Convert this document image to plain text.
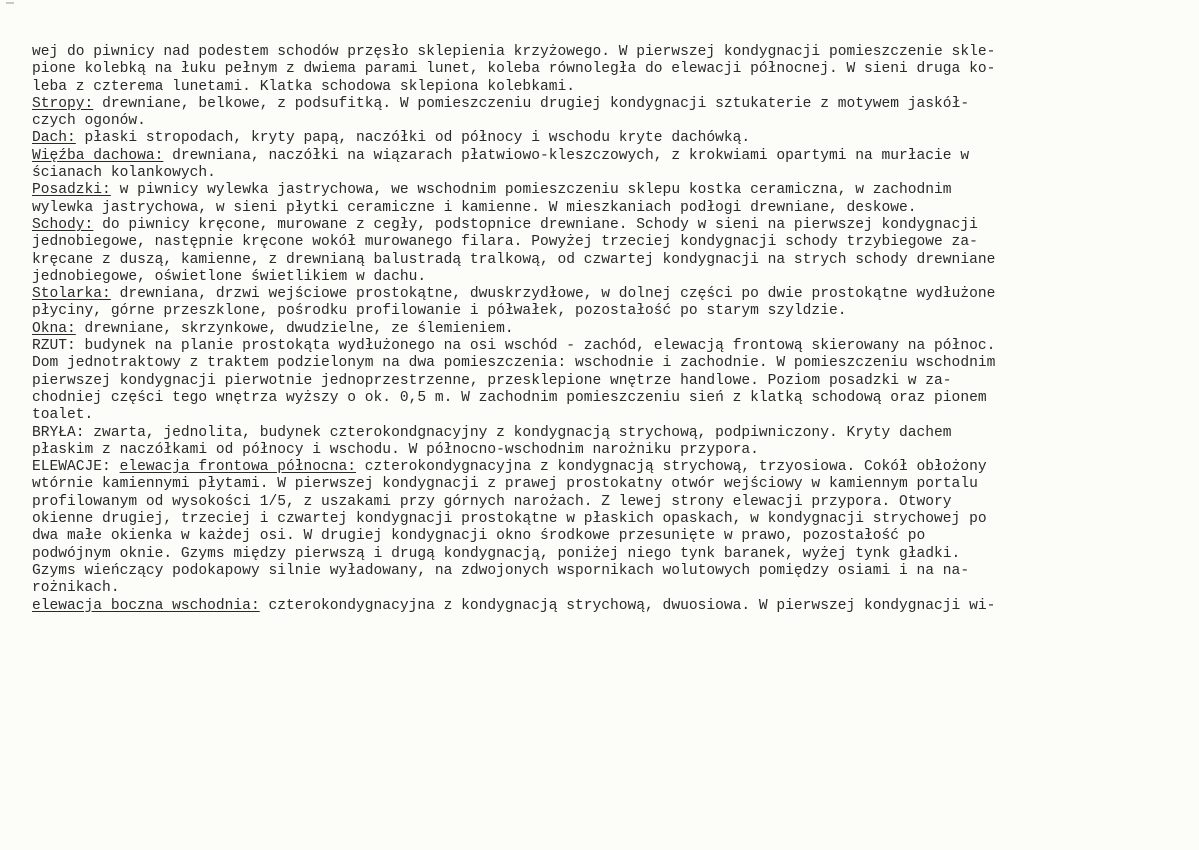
wej do piwnicy nad podestem schodów przęsło sklepienia krzyżowego. W pierwszej kondygnacji pomieszczenie skle-
pione kolebką na łuku pełnym z dwiema parami lunet, koleba równoległa do elewacji północnej. W sieni druga ko-
leba z czterema lunetami. Klatka schodowa sklepiona kolebkami.
Stropy: drewniane, belkowe, z podsufitką. W pomieszczeniu drugiej kondygnacji sztukaterie z motywem jaskół-
czych ogonów.
Dach: płaski stropodach, kryty papą, naczółki od północy i wschodu kryte dachówką.
Więźba dachowa: drewniana, naczółki na wiązarach płatwiowo-kleszczowych, z krokwiami opartymi na murłacie w
ścianach kolankowych.
Posadzki: w piwnicy wylewka jastrychowa, we wschodnim pomieszczeniu sklepu kostka ceramiczna, w zachodnim
wylewka jastrychowa, w sieni płytki ceramiczne i kamienne. W mieszkaniach podłogi drewniane, deskowe.
Schody: do piwnicy kręcone, murowane z cegły, podstopnice drewniane. Schody w sieni na pierwszej kondygnacji
jednobiegowe, następnie kręcone wokół murowanego filara. Powyżej trzeciej kondygnacji schody trzybiegowe za-
kręcane z duszą, kamienne, z drewnianą balustradą tralkową, od czwartej kondygnacji na strych schody drewniane
jednobiegowe, oświetlone świetlikiem w dachu.
Stolarka: drewniana, drzwi wejściowe prostokątne, dwuskrzydłowe, w dolnej części po dwie prostokątne wydłużone
płyciny, górne przeszklone, pośrodku profilowanie i półwałek, pozostałość po starym szyldzie.
Okna: drewniane, skrzynkowe, dwudzielne, ze ślemieniem.
RZUT: budynek na planie prostokąta wydłużonego na osi wschód - zachód, elewacją frontową skierowany na północ.
Dom jednotraktowy z traktem podzielonym na dwa pomieszczenia: wschodnie i zachodnie. W pomieszczeniu wschodnim
pierwszej kondygnacji pierwotnie jednoprzestrzenne, przesklepione wnętrze handlowe. Poziom posadzki w za-
chodniej części tego wnętrza wyższy o ok. 0,5 m. W zachodnim pomieszczeniu sień z klatką schodową oraz pionem
toalet.
BRYŁA: zwarta, jednolita, budynek czterokondgnacyjny z kondygnacją strychową, podpiwniczony. Kryty dachem
płaskim z naczółkami od północy i wschodu. W północno-wschodnim narożniku przypora.
ELEWACJE: elewacja frontowa północna: czterokondygnacyjna z kondygnacją strychową, trzyosiowa. Cokół obłożony
wtórnie kamiennymi płytami. W pierwszej kondygnacji z prawej prostokatny otwór wejściowy w kamiennym portalu
profilowanym od wysokości 1/5, z uszakami przy górnych narożach. Z lewej strony elewacji przypora. Otwory
okienne drugiej, trzeciej i czwartej kondygnacji prostokątne w płaskich opaskach, w kondygnacji strychowej po
dwa małe okienka w każdej osi. W drugiej kondygnacji okno środkowe przesunięte w prawo, pozostałość po
podwójnym oknie. Gzyms między pierwszą i drugą kondygnacją, poniżej niego tynk baranek, wyżej tynk gładki.
Gzyms wieńczący podokapowy silnie wyładowany, na zdwojonych wspornikach wolutowych pomiędzy osiami i na na-
rożnikach.
elewacja boczna wschodnia: czterokondygnacyjna z kondygnacją strychową, dwuosiowa. W pierwszej kondygnacji wi-
